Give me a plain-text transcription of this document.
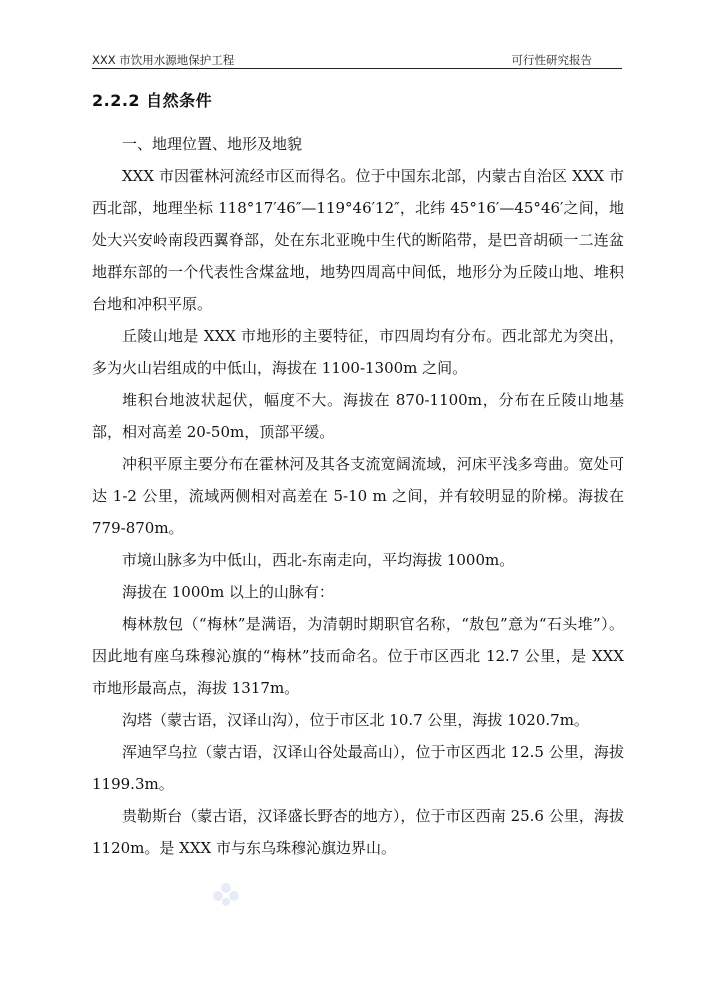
XXX 市饮用水源地保护工程	可行性研究报告
2.2.2 自然条件

一、地理位置、地形及地貌

XXX 市因霍林河流经市区而得名。位于中国东北部，内蒙古自治区 XXX 市西北部，地理坐标 118°17′46″—119°46′12″，北纬 45°16′—45°46′之间，地处大兴安岭南段西翼脊部，处在东北亚晚中生代的断陷带，是巴音胡硕一二连盆地群东部的一个代表性含煤盆地，地势四周高中间低，地形分为丘陵山地、堆积台地和冲积平原。

丘陵山地是 XXX 市地形的主要特征，市四周均有分布。西北部尤为突出，多为火山岩组成的中低山，海拔在 1100-1300m 之间。

堆积台地波状起伏，幅度不大。海拔在 870-1100m，分布在丘陵山地基部，相对高差 20-50m，顶部平缓。

冲积平原主要分布在霍林河及其各支流宽阔流域，河床平浅多弯曲。宽处可达 1-2 公里，流域两侧相对高差在 5-10 m 之间，并有较明显的阶梯。海拔在 779-870m。

市境山脉多为中低山，西北-东南走向，平均海拔 1000m。

海拔在 1000m 以上的山脉有：

梅林敖包（“梅林”是满语，为清朝时期职官名称，“敖包”意为“石头堆”）。因此地有座乌珠穆沁旗的“梅林”技而命名。位于市区西北 12.7 公里，是 XXX 市地形最高点，海拔 1317m。

沟塔（蒙古语，汉译山沟），位于市区北 10.7 公里，海拔 1020.7m。

浑迪罕乌拉（蒙古语，汉译山谷处最高山），位于市区西北 12.5 公里，海拔 1199.3m。

贵勒斯台（蒙古语，汉译盛长野杏的地方），位于市区西南 25.6 公里，海拔 1120m。是 XXX 市与东乌珠穆沁旗边界山。
